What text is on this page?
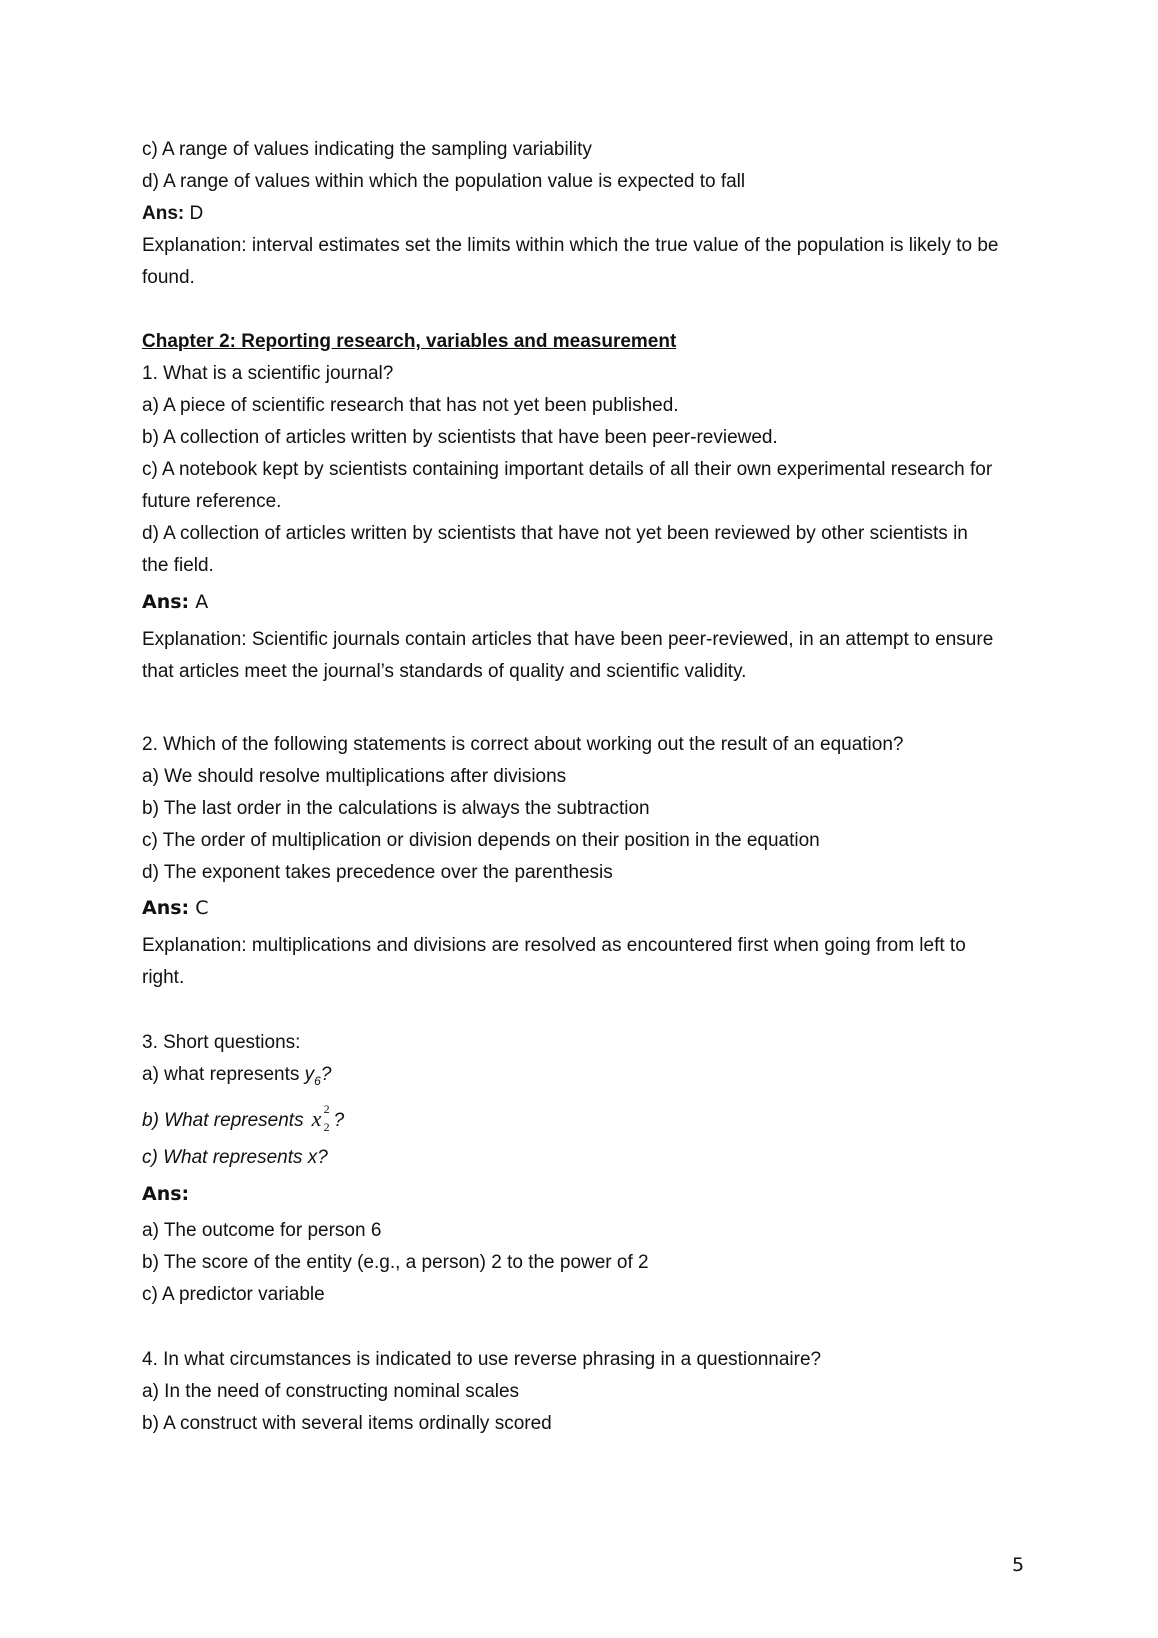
c) A range of values indicating the sampling variability
d) A range of values within which the population value is expected to fall
Ans: D
Explanation: interval estimates set the limits within which the true value of the population is likely to be
found.
Chapter 2: Reporting research, variables and measurement
1. What is a scientific journal?
a) A piece of scientific research that has not yet been published.
b) A collection of articles written by scientists that have been peer-reviewed.
c) A notebook kept by scientists containing important details of all their own experimental research for
future reference.
d) A collection of articles written by scientists that have not yet been reviewed by other scientists in
the field.
Ans: A
Explanation: Scientific journals contain articles that have been peer-reviewed, in an attempt to ensure
that articles meet the journal’s standards of quality and scientific validity.
2. Which of the following statements is correct about working out the result of an equation?
a) We should resolve multiplications after divisions
b) The last order in the calculations is always the subtraction
c) The order of multiplication or division depends on their position in the equation
d) The exponent takes precedence over the parenthesis
Ans: C
Explanation: multiplications and divisions are resolved as encountered first when going from left to
right.
3. Short questions:
a) what represents $y_6$?
b) What represents x 2
2 ?
c) What represents x?
Ans:
a) The outcome for person 6
b) The score of the entity (e.g., a person) 2 to the power of 2
c) A predictor variable
4. In what circumstances is indicated to use reverse phrasing in a questionnaire?
a) In the need of constructing nominal scales
b) A construct with several items ordinally scored
5
